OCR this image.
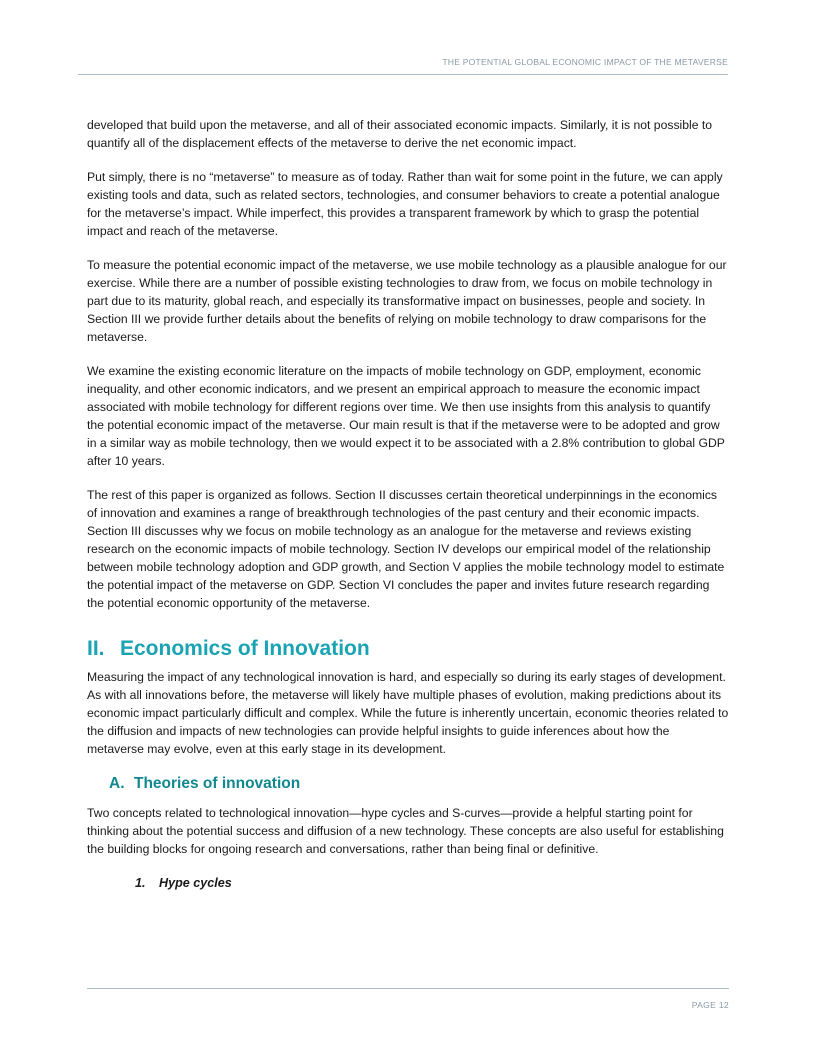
THE POTENTIAL GLOBAL ECONOMIC IMPACT OF THE METAVERSE

developed that build upon the metaverse, and all of their associated economic impacts. Similarly, it is not possible to quantify all of the displacement effects of the metaverse to derive the net economic impact.

Put simply, there is no “metaverse” to measure as of today. Rather than wait for some point in the future, we can apply existing tools and data, such as related sectors, technologies, and consumer behaviors to create a potential analogue for the metaverse’s impact. While imperfect, this provides a transparent framework by which to grasp the potential impact and reach of the metaverse.

To measure the potential economic impact of the metaverse, we use mobile technology as a plausible analogue for our exercise. While there are a number of possible existing technologies to draw from, we focus on mobile technology in part due to its maturity, global reach, and especially its transformative impact on businesses, people and society. In Section III we provide further details about the benefits of relying on mobile technology to draw comparisons for the metaverse.

We examine the existing economic literature on the impacts of mobile technology on GDP, employment, economic inequality, and other economic indicators, and we present an empirical approach to measure the economic impact associated with mobile technology for different regions over time. We then use insights from this analysis to quantify the potential economic impact of the metaverse. Our main result is that if the metaverse were to be adopted and grow in a similar way as mobile technology, then we would expect it to be associated with a 2.8% contribution to global GDP after 10 years.

The rest of this paper is organized as follows. Section II discusses certain theoretical underpinnings in the economics of innovation and examines a range of breakthrough technologies of the past century and their economic impacts. Section III discusses why we focus on mobile technology as an analogue for the metaverse and reviews existing research on the economic impacts of mobile technology. Section IV develops our empirical model of the relationship between mobile technology adoption and GDP growth, and Section V applies the mobile technology model to estimate the potential impact of the metaverse on GDP. Section VI concludes the paper and invites future research regarding the potential economic opportunity of the metaverse.

II. Economics of Innovation

Measuring the impact of any technological innovation is hard, and especially so during its early stages of development. As with all innovations before, the metaverse will likely have multiple phases of evolution, making predictions about its economic impact particularly difficult and complex. While the future is inherently uncertain, economic theories related to the diffusion and impacts of new technologies can provide helpful insights to guide inferences about how the metaverse may evolve, even at this early stage in its development.

A. Theories of innovation

Two concepts related to technological innovation—hype cycles and S-curves—provide a helpful starting point for thinking about the potential success and diffusion of a new technology. These concepts are also useful for establishing the building blocks for ongoing research and conversations, rather than being final or definitive.

1. Hype cycles
PAGE 12
